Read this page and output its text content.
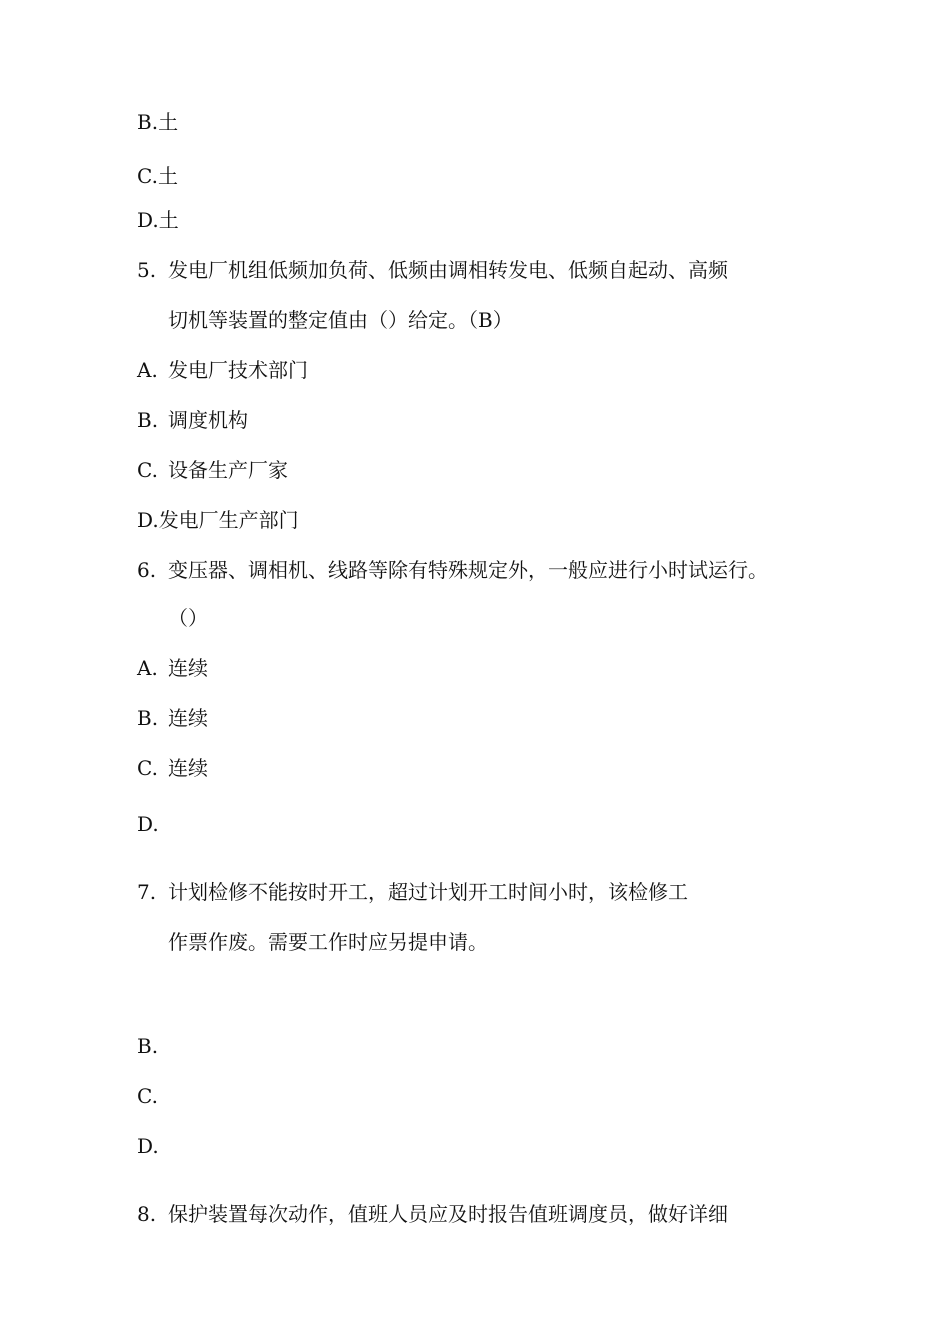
B.土
C.土
D.土
5. 发电厂机组低频加负荷、低频由调相转发电、低频自起动、高频
切机等装置的整定值由（）给定。（B）
A. 发电厂技术部门
B. 调度机构
C. 设备生产厂家
D.发电厂生产部门
6. 变压器、调相机、线路等除有特殊规定外，一般应进行小时试运行。
（）
A. 连续
B. 连续
C. 连续
D.
7. 计划检修不能按时开工，超过计划开工时间小时，该检修工
作票作废。需要工作时应另提申请。
B.
C.
D.
8. 保护装置每次动作，值班人员应及时报告值班调度员，做好详细
